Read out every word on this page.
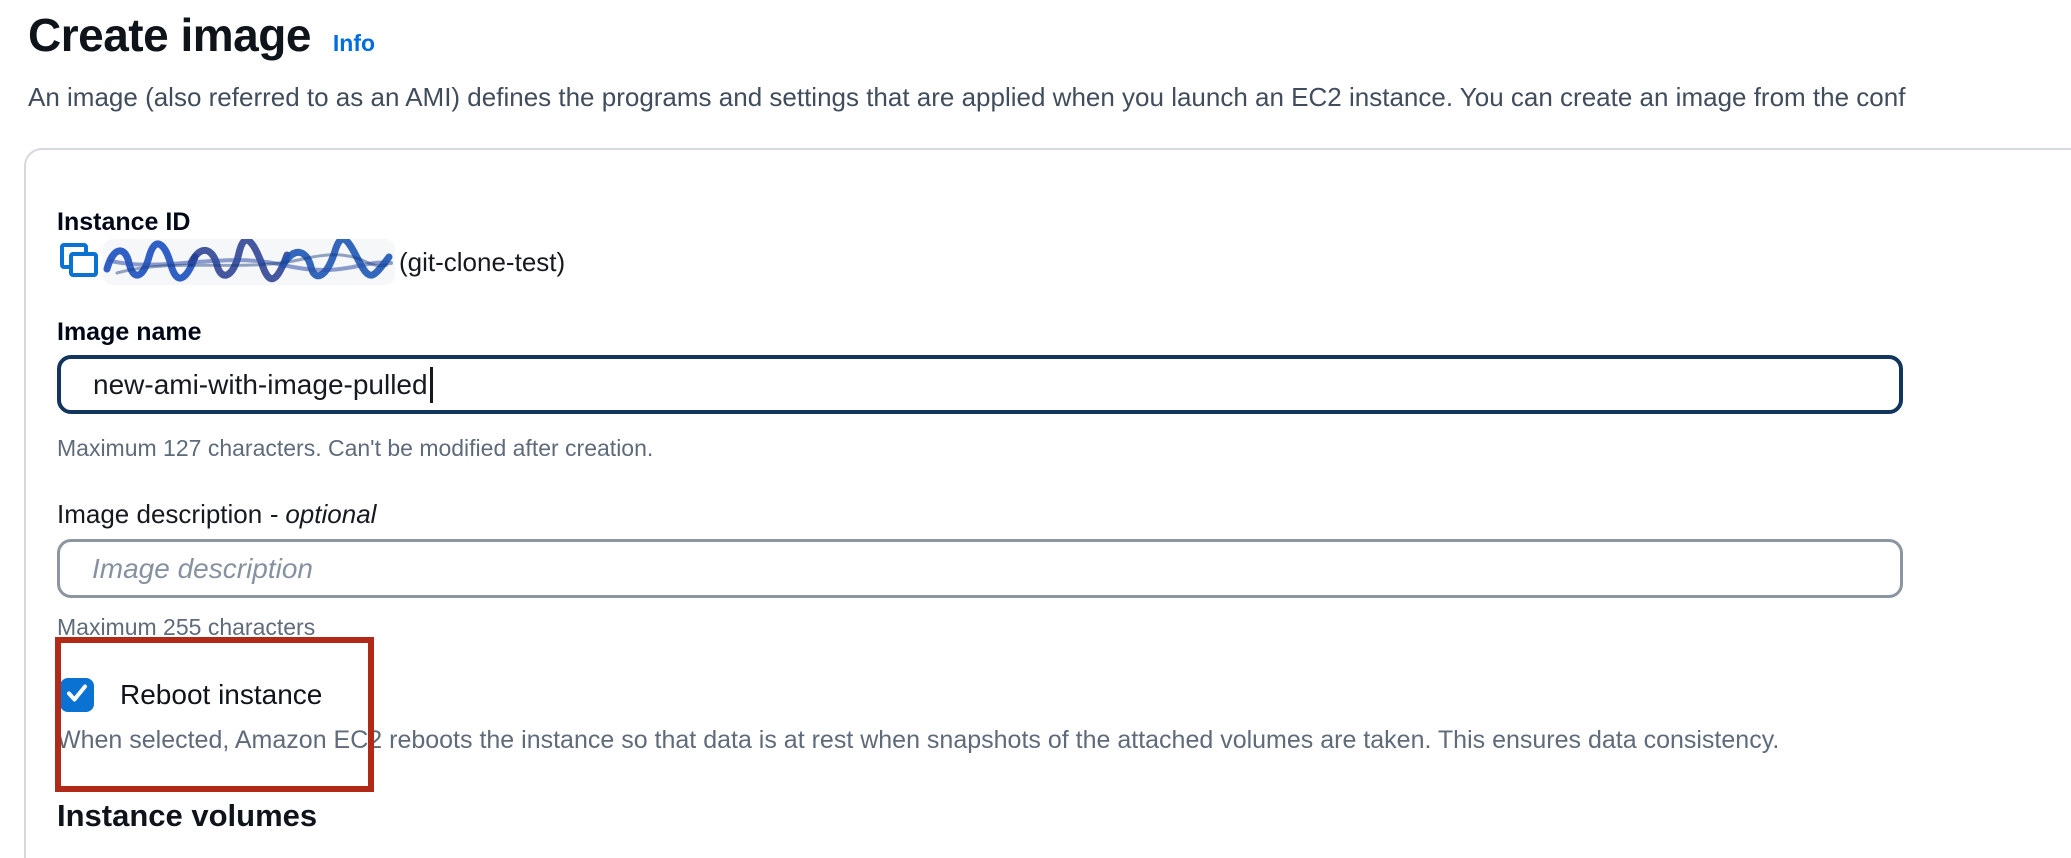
Create image Info

An image (also referred to as an AMI) defines the programs and settings that are applied when you launch an EC2 instance. You can create an image from the conf

Instance ID
(git-clone-test)
Image name
new-ami-with-image-pulled
Maximum 127 characters. Can't be modified after creation.
Image description - optional
Image description
Maximum 255 characters
Reboot instance
When selected, Amazon EC2 reboots the instance so that data is at rest when snapshots of the attached volumes are taken. This ensures data consistency.
Instance volumes
